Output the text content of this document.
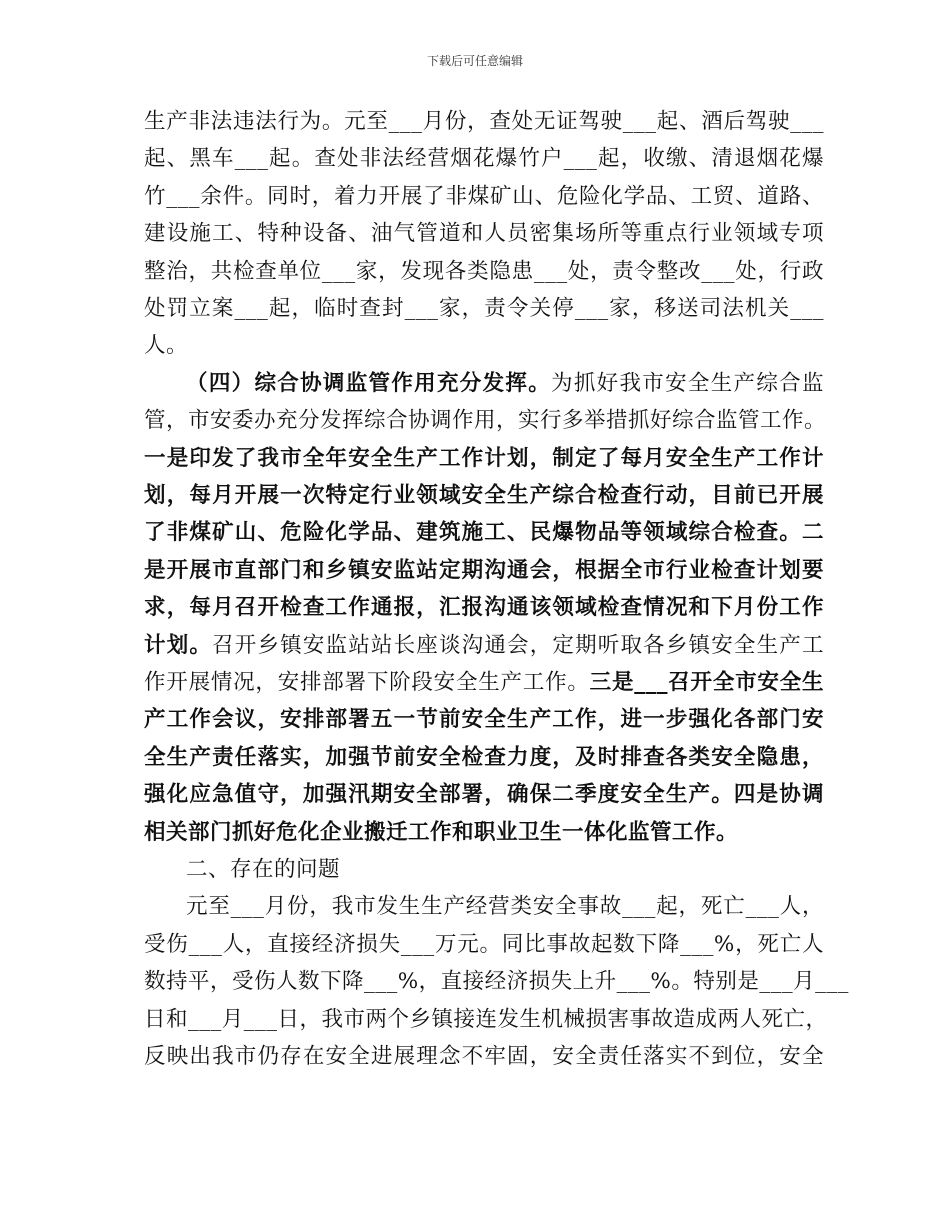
下载后可任意编辑
生产非法违法行为。元至___月份，查处无证驾驶___起、酒后驾驶___
起、黑车___起。查处非法经营烟花爆竹户___起，收缴、清退烟花爆
竹___余件。同时，着力开展了非煤矿山、危险化学品、工贸、道路、
建设施工、特种设备、油气管道和人员密集场所等重点行业领域专项
整治，共检查单位___家，发现各类隐患___处，责令整改___处，行政
处罚立案___起，临时查封___家，责令关停___家，移送司法机关___
人。
（四）综合协调监管作用充分发挥。为抓好我市安全生产综合监
管，市安委办充分发挥综合协调作用，实行多举措抓好综合监管工作。
一是印发了我市全年安全生产工作计划，制定了每月安全生产工作计
划，每月开展一次特定行业领域安全生产综合检查行动，目前已开展
了非煤矿山、危险化学品、建筑施工、民爆物品等领域综合检查。二
是开展市直部门和乡镇安监站定期沟通会，根据全市行业检查计划要
求，每月召开检查工作通报，汇报沟通该领域检查情况和下月份工作
计划。召开乡镇安监站站长座谈沟通会，定期听取各乡镇安全生产工
作开展情况，安排部署下阶段安全生产工作。三是___召开全市安全生
产工作会议，安排部署五一节前安全生产工作，进一步强化各部门安
全生产责任落实，加强节前安全检查力度，及时排查各类安全隐患，
强化应急值守，加强汛期安全部署，确保二季度安全生产。四是协调
相关部门抓好危化企业搬迁工作和职业卫生一体化监管工作。
二、存在的问题
元至___月份，我市发生生产经营类安全事故___起，死亡___人，
受伤___人，直接经济损失___万元。同比事故起数下降___%，死亡人
数持平，受伤人数下降___%，直接经济损失上升___%。特别是___月___
日和___月___日，我市两个乡镇接连发生机械损害事故造成两人死亡，
反映出我市仍存在安全进展理念不牢固，安全责任落实不到位，安全
